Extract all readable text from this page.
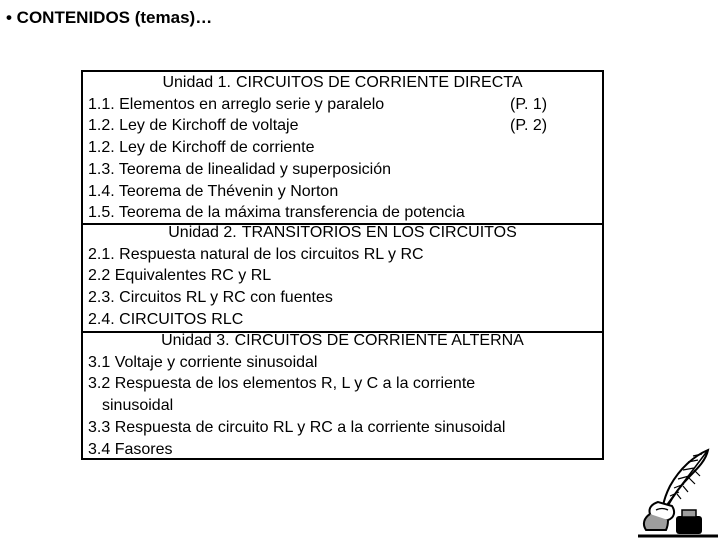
• CONTENIDOS (temas)…
Unidad 1. CIRCUITOS DE CORRIENTE DIRECTA
1.1. Elementos en arreglo serie y paralelo	(P. 1)
1.2. Ley de Kirchoff de voltaje	(P. 2)
1.2. Ley de Kirchoff de corriente
1.3. Teorema de linealidad y superposición
1.4. Teorema de Thévenin y Norton
1.5. Teorema de la máxima transferencia de potencia
Unidad 2. TRANSITORIOS EN LOS CIRCUITOS
2.1. Respuesta natural de los circuitos RL y RC
2.2 Equivalentes RC y RL
2.3. Circuitos RL y RC con fuentes
2.4. CIRCUITOS RLC
Unidad 3. CIRCUITOS DE CORRIENTE ALTERNA
3.1 Voltaje y corriente sinusoidal
3.2 Respuesta de los elementos R, L y C a la corriente
sinusoidal
3.3 Respuesta de circuito RL y RC a la corriente sinusoidal
3.4 Fasores
